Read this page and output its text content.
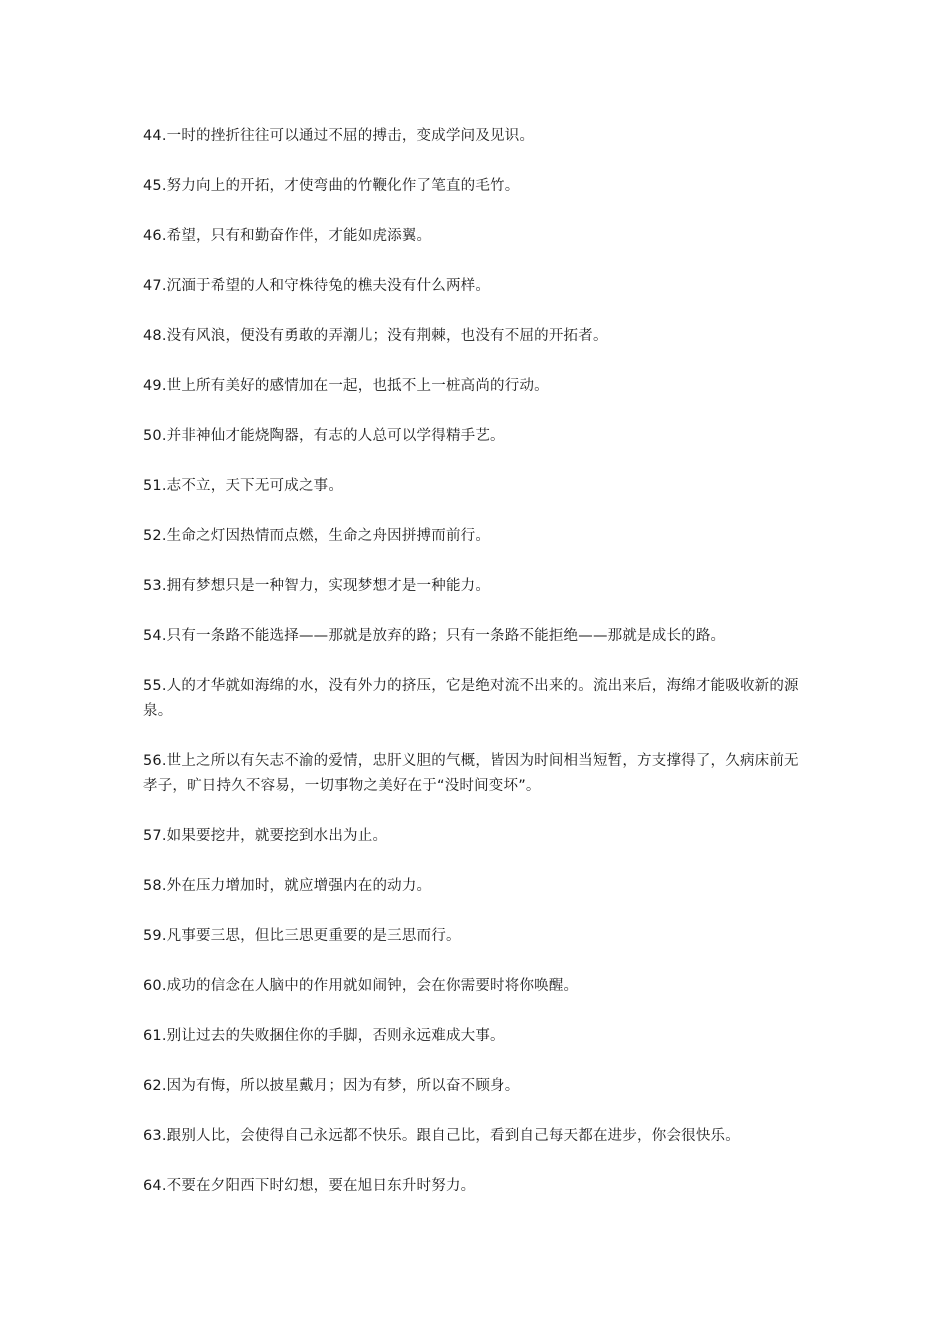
44.一时的挫折往往可以通过不屈的搏击，变成学问及见识。

45.努力向上的开拓，才使弯曲的竹鞭化作了笔直的毛竹。

46.希望，只有和勤奋作伴，才能如虎添翼。

47.沉湎于希望的人和守株待兔的樵夫没有什么两样。

48.没有风浪，便没有勇敢的弄潮儿；没有荆棘，也没有不屈的开拓者。

49.世上所有美好的感情加在一起，也抵不上一桩高尚的行动。

50.并非神仙才能烧陶器，有志的人总可以学得精手艺。

51.志不立，天下无可成之事。

52.生命之灯因热情而点燃，生命之舟因拼搏而前行。

53.拥有梦想只是一种智力，实现梦想才是一种能力。

54.只有一条路不能选择——那就是放弃的路；只有一条路不能拒绝——那就是成长的路。

55.人的才华就如海绵的水，没有外力的挤压，它是绝对流不出来的。流出来后，海绵才能吸收新的源泉。

56.世上之所以有矢志不渝的爱情，忠肝义胆的气概，皆因为时间相当短暂，方支撑得了，久病床前无孝子，旷日持久不容易，一切事物之美好在于“没时间变坏”。

57.如果要挖井，就要挖到水出为止。

58.外在压力增加时，就应增强内在的动力。

59.凡事要三思，但比三思更重要的是三思而行。

60.成功的信念在人脑中的作用就如闹钟，会在你需要时将你唤醒。

61.别让过去的失败捆住你的手脚，否则永远难成大事。

62.因为有悔，所以披星戴月；因为有梦，所以奋不顾身。

63.跟别人比，会使得自己永远都不快乐。跟自己比，看到自己每天都在进步，你会很快乐。

64.不要在夕阳西下时幻想，要在旭日东升时努力。
